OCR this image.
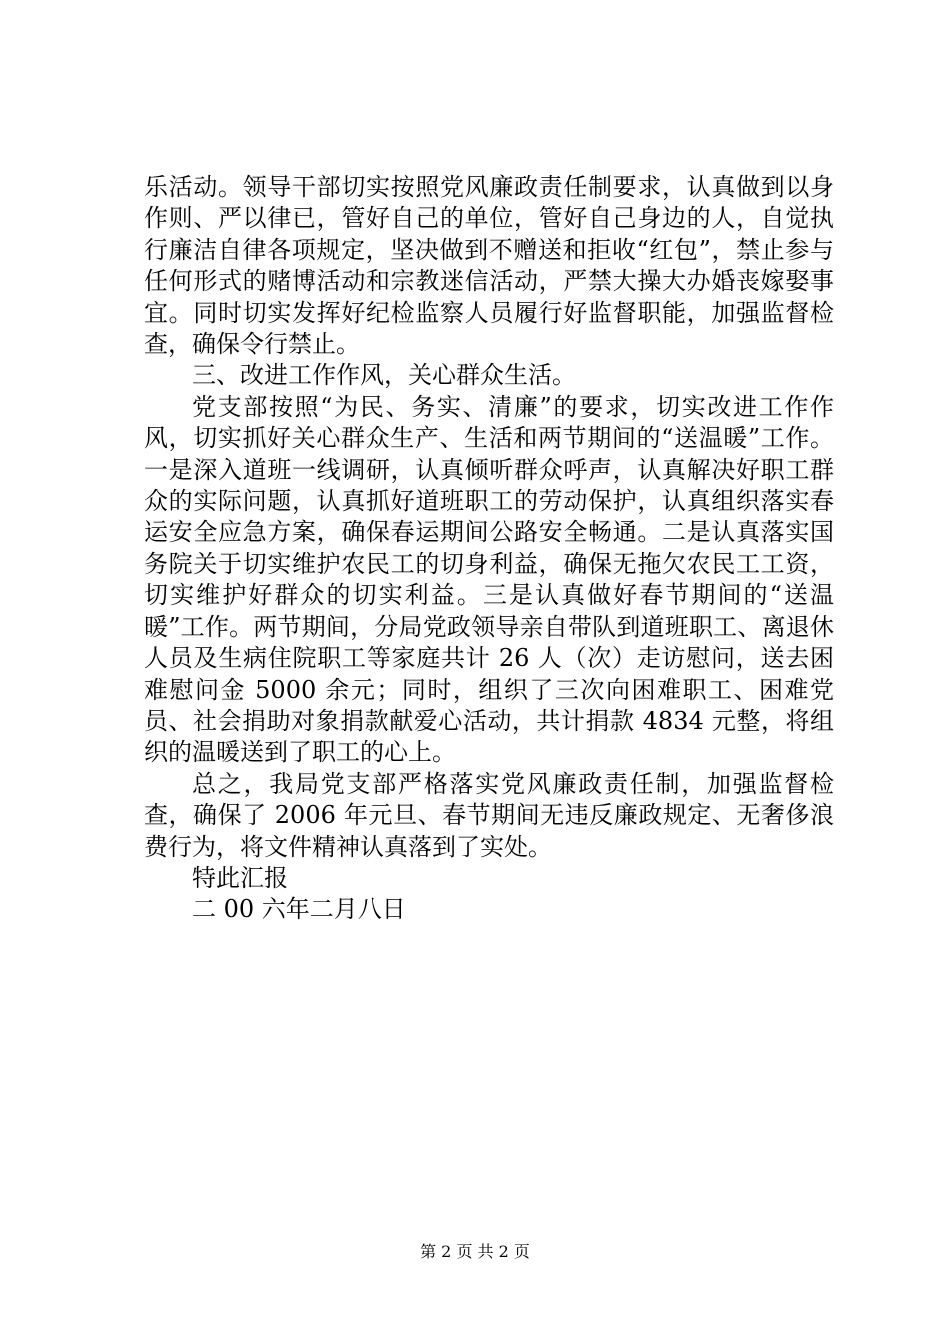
乐活动。领导干部切实按照党风廉政责任制要求，认真做到以身作则、严以律已，管好自己的单位，管好自己身边的人，自觉执行廉洁自律各项规定，坚决做到不赠送和拒收“红包”，禁止参与任何形式的赌博活动和宗教迷信活动，严禁大操大办婚丧嫁娶事宜。同时切实发挥好纪检监察人员履行好监督职能，加强监督检查，确保令行禁止。

三、改进工作作风，关心群众生活。

党支部按照“为民、务实、清廉”的要求，切实改进工作作风，切实抓好关心群众生产、生活和两节期间的“送温暖”工作。一是深入道班一线调研，认真倾听群众呼声，认真解决好职工群众的实际问题，认真抓好道班职工的劳动保护，认真组织落实春运安全应急方案，确保春运期间公路安全畅通。二是认真落实国务院关于切实维护农民工的切身利益，确保无拖欠农民工工资，切实维护好群众的切实利益。三是认真做好春节期间的“送温暖”工作。两节期间，分局党政领导亲自带队到道班职工、离退休人员及生病住院职工等家庭共计 26 人（次）走访慰问，送去困难慰问金 5000 余元；同时，组织了三次向困难职工、困难党员、社会捐助对象捐款献爱心活动，共计捐款 4834 元整，将组织的温暖送到了职工的心上。

总之，我局党支部严格落实党风廉政责任制，加强监督检查，确保了 2006 年元旦、春节期间无违反廉政规定、无奢侈浪费行为，将文件精神认真落到了实处。

特此汇报

二 00 六年二月八日

第 2 页 共 2 页
